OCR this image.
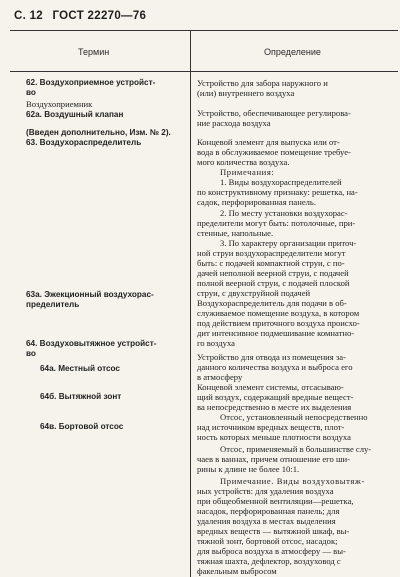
С. 12 ГОСТ 22270—76
Термин	Определение
62. Воздухоприемное устройст-
во
Воздухоприемник
62а. Воздушный клапан
(Введен дополнительно, Изм. № 2).
63. Воздухораспределитель
63а. Эжекционный воздухорас-
пределитель
64. Воздуховытяжное устройст-
во
64а. Местный отсос
64б. Вытяжной зонт
64в. Бортовой отсос
Устройство для забора наружного и
(или) внутреннего воздуха
Устройство, обеспечивающее регулирова-
ние расхода воздуха
Концевой элемент для выпуска или от-
вода в обслуживаемое помещение требуе-
мого количества воздуха.
Примечания:
1. Виды воздухораспределителей
по конструктивному признаку: решетка, на-
садок, перфорированная панель.
2. По месту установки воздухорас-
пределители могут быть: потолочные, при-
стенные, напольные.
3. По характеру организации приточ-
ной струи воздухораспределители могут
быть: с подачей компактной струи, с по-
дачей неполной веерной струи, с подачей
полной веерной струи, с подачей плоской
струи, с двухструйной подачей
Воздухораспределитель для подачи в об-
служиваемое помещение воздуха, в котором
под действием приточного воздуха происхо-
дит интенсивное подмешивание комнатно-
го воздуха
Устройство для отвода из помещения за-
данного количества воздуха и выброса его
в атмосферу
Концевой элемент системы, отсасываю-
щий воздух, содержащий вредные вещест-
ва непосредственно в месте их выделения
Отсос, установленный непосредственно
над источником вредных веществ, плот-
ность которых меньше плотности воздуха
Отсос, применяемый в большинстве слу-
чаев в ваннах, причем отношение его ши-
рины к длине не более 10:1.
Примечание. Виды воздуховытяж-
ных устройств: для удаления воздуха
при общеобменной вентиляции—решетка,
насадок, перфорированная панель; для
удаления воздуха в местах выделения
вредных веществ — вытяжной шкаф, вы-
тяжной зонт, бортовой отсос, насадок;
для выброса воздуха в атмосферу — вы-
тяжная шахта, дефлектор, воздуховод с
факельным выбросом
